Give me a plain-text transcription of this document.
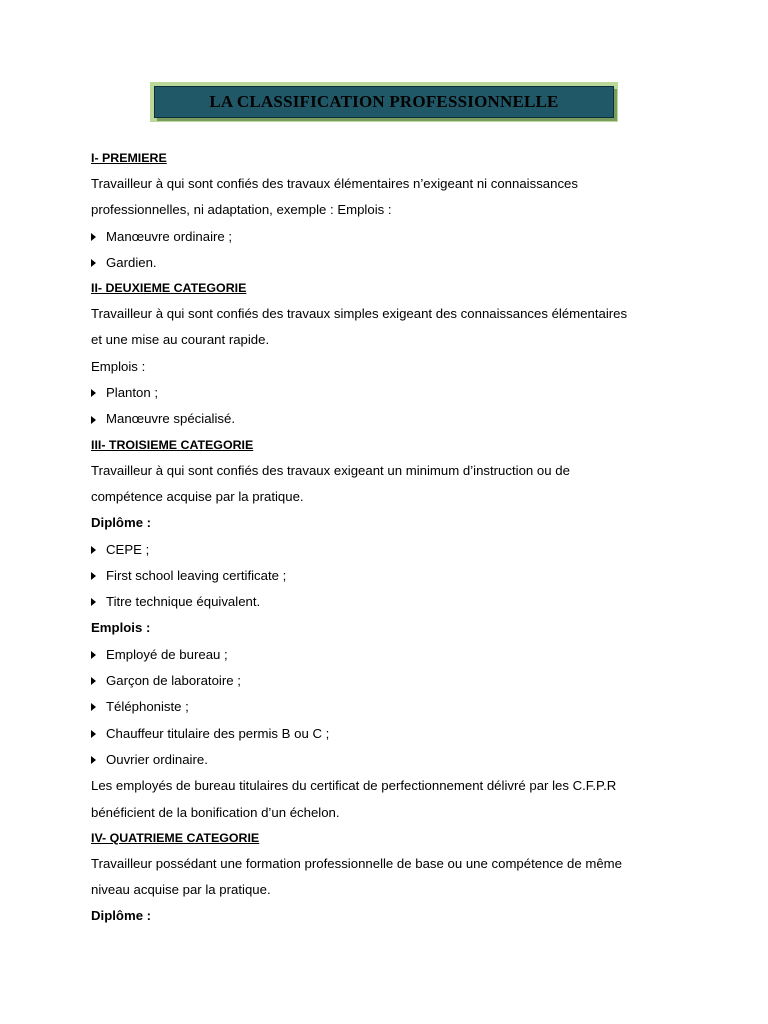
LA CLASSIFICATION PROFESSIONNELLE
I- PREMIERE
Travailleur à qui sont confiés des travaux élémentaires n’exigeant ni connaissances
professionnelles, ni adaptation, exemple : Emplois :
Manœuvre ordinaire ;
Gardien.
II- DEUXIEME CATEGORIE
Travailleur à qui sont confiés des travaux simples exigeant des connaissances élémentaires
et une mise au courant rapide.
Emplois :
Planton ;
Manœuvre spécialisé.
III- TROISIEME CATEGORIE
Travailleur à qui sont confiés des travaux exigeant un minimum d’instruction ou de
compétence acquise par la pratique.
Diplôme :
CEPE ;
First school leaving certificate ;
Titre technique équivalent.
Emplois :
Employé de bureau ;
Garçon de laboratoire ;
Téléphoniste ;
Chauffeur titulaire des permis B ou C ;
Ouvrier ordinaire.
Les employés de bureau titulaires du certificat de perfectionnement délivré par les C.F.P.R
bénéficient de la bonification d’un échelon.
IV- QUATRIEME CATEGORIE
Travailleur possédant une formation professionnelle de base ou une compétence de même
niveau acquise par la pratique.
Diplôme :
